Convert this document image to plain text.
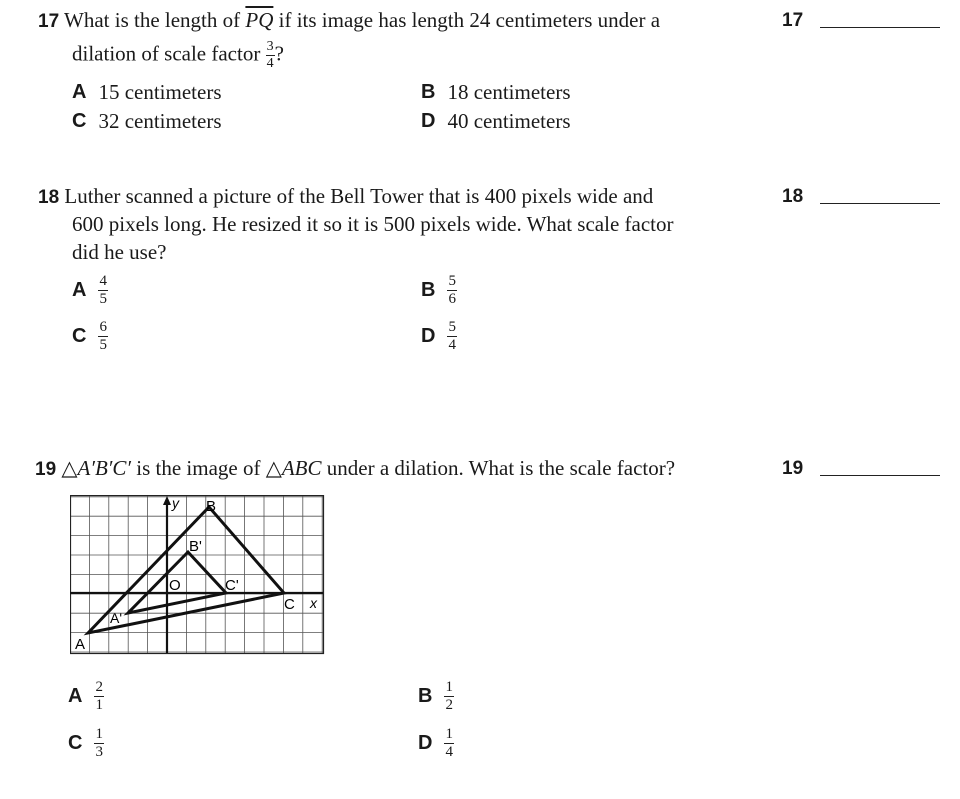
17 What is the length of $\overline{PQ}$ if its image has length 24 centimeters under a
dilation of scale factor $\frac{3}{4}$ ?
17
A 15 centimeters	B 18 centimeters
C 32 centimeters	D 40 centimeters
18 Luther scanned a picture of the Bell Tower that is 400 pixels wide and
600 pixels long. He resized it so it is 500 pixels wide. What scale factor
did he use?
18
A $\frac{4}{5}$	B $\frac{5}{6}$
C $\frac{6}{5}$	D $\frac{5}{4}$
19 △A′B′C′ is the image of △ABC under a dilation. What is the scale factor?	19
y
x
O
B
B'
C'
C
A'
A
A $\frac{2}{1}$	B $\frac{1}{2}$
C $\frac{1}{3}$	D $\frac{1}{4}$
